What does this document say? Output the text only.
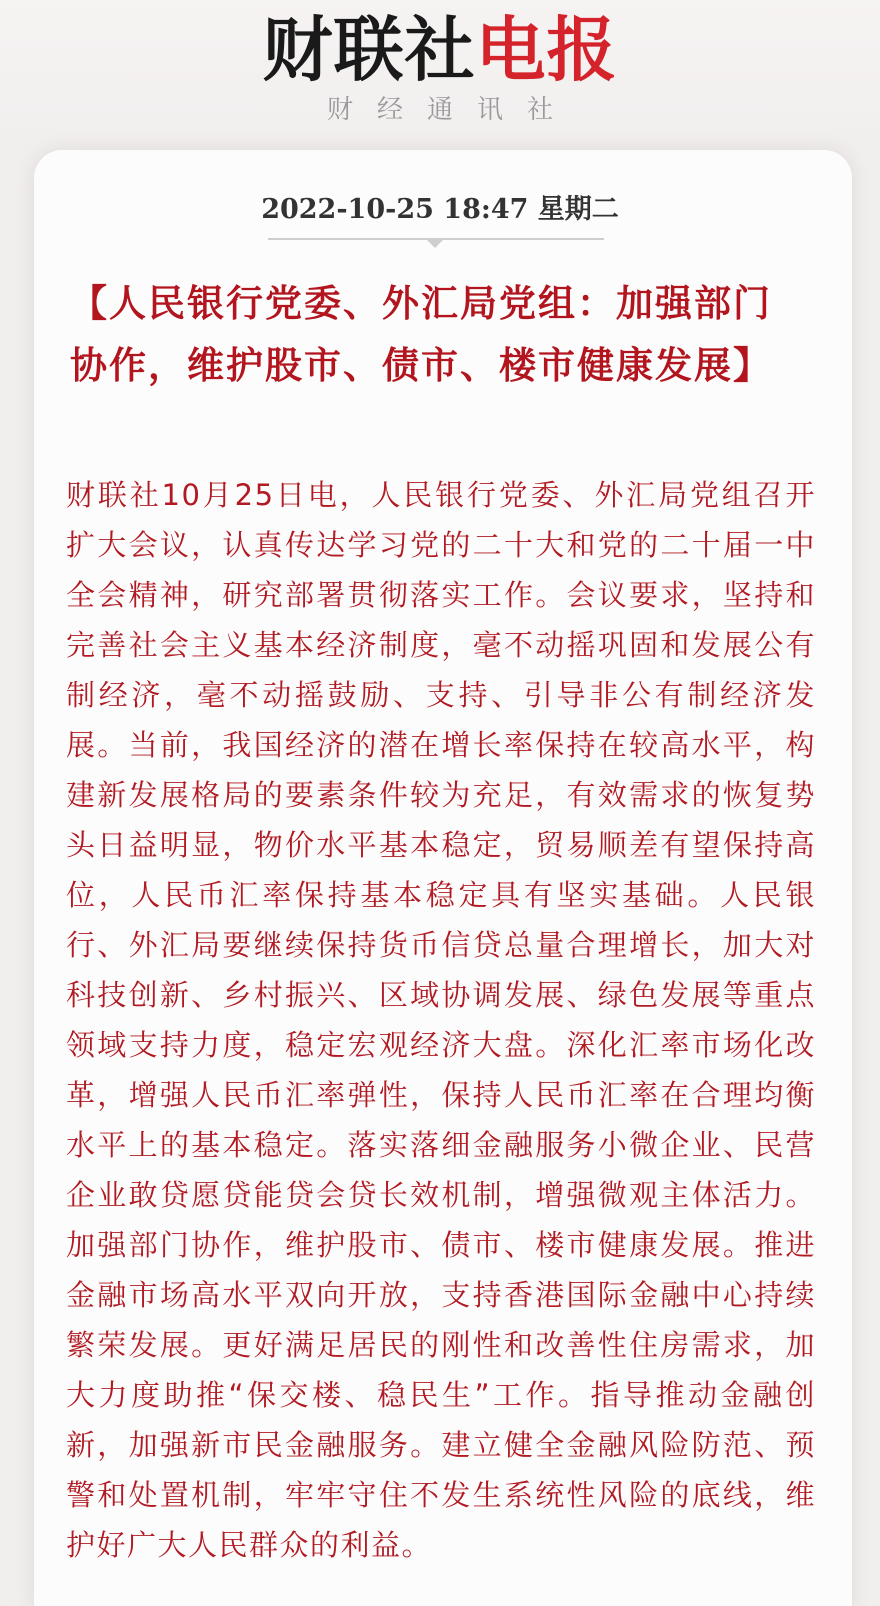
财联社电报
财经通讯社
2022-10-25 18:47 星期二
【人民银行党委、外汇局党组：加强部门协作，维护股市、债市、楼市健康发展】

财联社10月25日电，人民银行党委、外汇局党组召开扩大会议，认真传达学习党的二十大和党的二十届一中全会精神，研究部署贯彻落实工作。会议要求，坚持和完善社会主义基本经济制度，毫不动摇巩固和发展公有制经济，毫不动摇鼓励、支持、引导非公有制经济发展。当前，我国经济的潜在增长率保持在较高水平，构建新发展格局的要素条件较为充足，有效需求的恢复势头日益明显，物价水平基本稳定，贸易顺差有望保持高位，人民币汇率保持基本稳定具有坚实基础。人民银行、外汇局要继续保持货币信贷总量合理增长，加大对科技创新、乡村振兴、区域协调发展、绿色发展等重点领域支持力度，稳定宏观经济大盘。深化汇率市场化改革，增强人民币汇率弹性，保持人民币汇率在合理均衡水平上的基本稳定。落实落细金融服务小微企业、民营企业敢贷愿贷能贷会贷长效机制，增强微观主体活力。加强部门协作，维护股市、债市、楼市健康发展。推进金融市场高水平双向开放，支持香港国际金融中心持续繁荣发展。更好满足居民的刚性和改善性住房需求，加大力度助推“保交楼、稳民生”工作。指导推动金融创新，加强新市民金融服务。建立健全金融风险防范、预警和处置机制，牢牢守住不发生系统性风险的底线，维护好广大人民群众的利益。
